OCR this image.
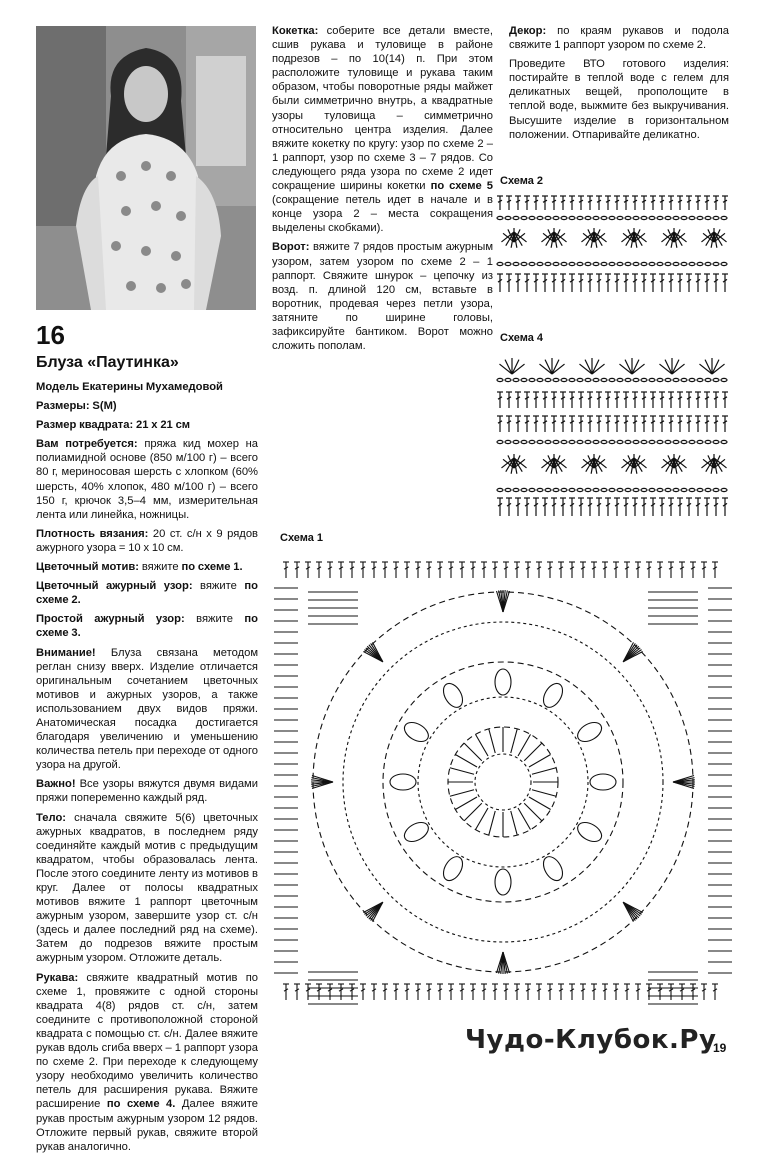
16
Блуза «Паутинка»

Модель Екатерины Мухамедовой

Размеры: S(M)

Размер квадрата: 21 х 21 см

Вам потребуется: пряжа кид мохер на полиамидной основе (850 м/100 г) – всего 80 г, мериносовая шерсть с хлопком (60% шерсть, 40% хлопок, 480 м/100 г) – всего 150 г, крючок 3,5–4 мм, измерительная лента или линейка, ножницы.

Плотность вязания: 20 ст. с/н х 9 рядов ажурного узора = 10 х 10 см.

Цветочный мотив: вяжите по схеме 1.

Цветочный ажурный узор: вяжите по схеме 2.

Простой ажурный узор: вяжите по схеме 3.

Внимание! Блуза связана методом реглан снизу вверх. Изделие отличается оригинальным сочетанием цветочных мотивов и ажурных узоров, а также использованием двух видов пряжи. Анатомическая посадка достигается благодаря увеличению и уменьшению количества петель при переходе от одного узора на другой.

Важно! Все узоры вяжутся двумя видами пряжи попеременно каждый ряд.

Тело: сначала свяжите 5(6) цветочных ажурных квадратов, в последнем ряду соединяйте каждый мотив с предыдущим квадратом, чтобы образовалась лента. После этого соедините ленту из мотивов в круг. Далее от полосы квадратных мотивов вяжите 1 раппорт цветочным ажурным узором, завершите узор ст. с/н (здесь и далее последний ряд на схеме). Затем до подрезов вяжите простым ажурным узором. Отложите деталь.

Рукава: свяжите квадратный мотив по схеме 1, провяжите с одной стороны квадрата 4(8) рядов ст. с/н, затем соедините с противоположной стороной квадрата с помощью ст. с/н. Далее вяжите рукав вдоль сгиба вверх – 1 раппорт узора по схеме 2. При переходе к следующему узору необходимо увеличить количество петель для расширения рукава. Вяжите расширение по схеме 4. Далее вяжите рукав простым ажурным узором 12 рядов. Отложите первый рукав, свяжите второй рукав аналогично.

Кокетка: соберите все детали вместе, сшив рукава и туловище в районе подрезов – по 10(14) п. При этом расположите туловище и рукава таким образом, чтобы поворотные ряды майжет были симметрично внутрь, а квадратные узоры туловища – симметрично относительно центра изделия. Далее вяжите кокетку по кругу: узор по схеме 2 – 1 раппорт, узор по схеме 3 – 7 рядов. Со следующего ряда узора по схеме 2 идет сокращение ширины кокетки по схеме 5 (сокращение петель идет в начале и в конце узора 2 – места сокращения выделены скобками).

Ворот: вяжите 7 рядов простым ажурным узором, затем узором по схеме 2 – 1 раппорт. Свяжите шнурок – цепочку из возд. п. длиной 120 см, вставьте в воротник, продевая через петли узора, затяните по ширине головы, зафиксируйте бантиком. Ворот можно сложить пополам.

Декор: по краям рукавов и подола свяжите 1 раппорт узором по схеме 2.

Проведите ВТО готового изделия: постирайте в теплой воде с гелем для деликатных вещей, прополощите в теплой воде, выжмите без выкручивания. Высушите изделие в горизонтальном положении. Отпаривайте деликатно.

Схема 2
Схема 4
Схема 1
Чудо-Клубок.Ру
19
